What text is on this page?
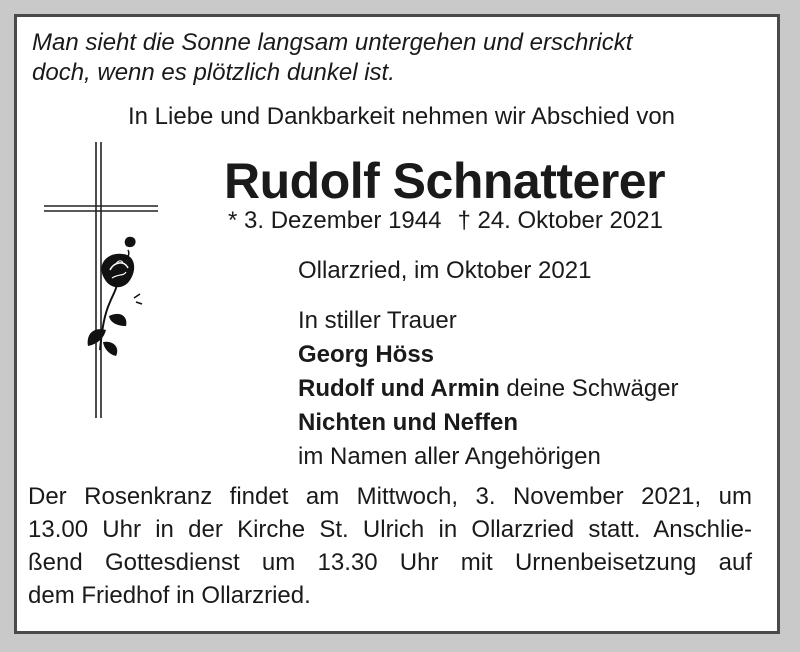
Man sieht die Sonne langsam untergehen und erschrickt
doch, wenn es plötzlich dunkel ist.

In Liebe und Dankbarkeit nehmen wir Abschied von

Rudolf Schnatterer
* 3. Dezember 1944 † 24. Oktober 2021
Ollarzried, im Oktober 2021
In stiller Trauer
Georg Höss
Rudolf und Armin deine Schwäger
Nichten und Neffen
im Namen aller Angehörigen

Der Rosenkranz findet am Mittwoch, 3. November 2021, um
13.00 Uhr in der Kirche St. Ulrich in Ollarzried statt. Anschlie-
ßend Gottesdienst um 13.30 Uhr mit Urnenbeisetzung auf
dem Friedhof in Ollarzried.
